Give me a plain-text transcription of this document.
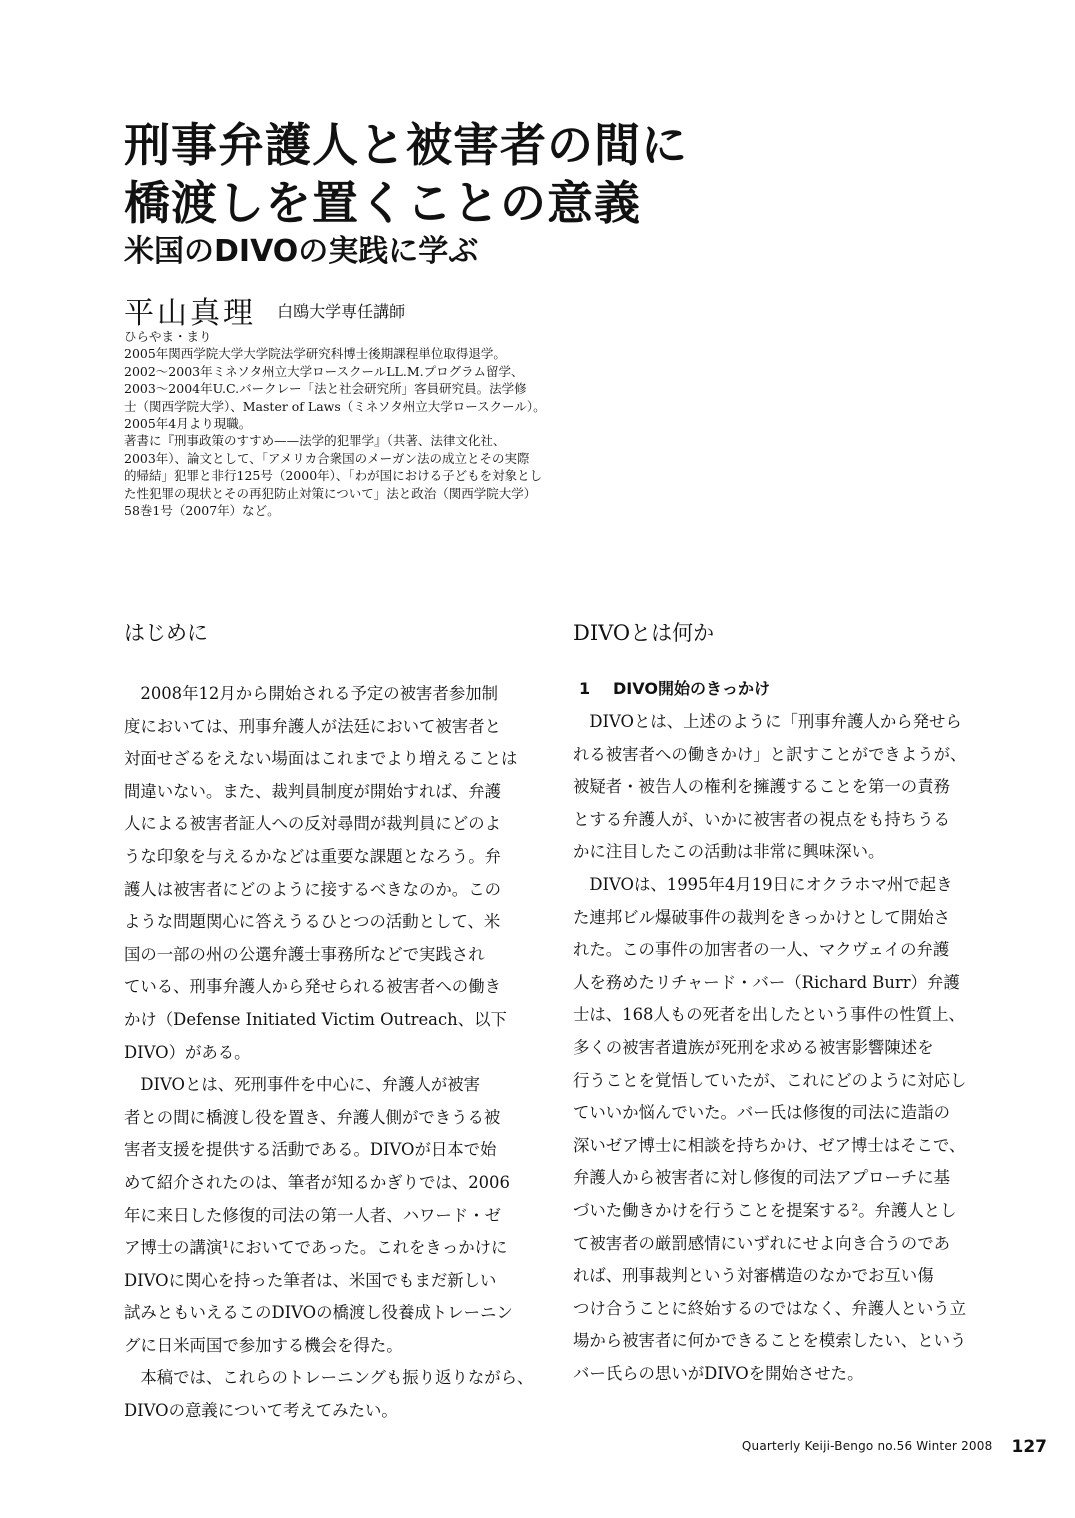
刑事弁護人と被害者の間に
橋渡しを置くことの意義
米国のDIVOの実践に学ぶ
平山真理 白鴎大学専任講師
ひらやま・まり
2005年関西学院大学大学院法学研究科博士後期課程単位取得退学。
2002〜2003年ミネソタ州立大学ロースクールLL.M.プログラム留学、
2003〜2004年U.C.バークレー「法と社会研究所」客員研究員。法学修
士（関西学院大学）、Master of Laws（ミネソタ州立大学ロースクール）。
2005年4月より現職。
著書に『刑事政策のすすめ——法学的犯罪学』（共著、法律文化社、
2003年）、論文として、「アメリカ合衆国のメーガン法の成立とその実際
的帰結」犯罪と非行125号（2000年）、「わが国における子どもを対象とし
た性犯罪の現状とその再犯防止対策について」法と政治（関西学院大学）
58巻1号（2007年）など。
はじめに
　2008年12月から開始される予定の被害者参加制
度においては、刑事弁護人が法廷において被害者と
対面せざるをえない場面はこれまでより増えることは
間違いない。また、裁判員制度が開始すれば、弁護
人による被害者証人への反対尋問が裁判員にどのよ
うな印象を与えるかなどは重要な課題となろう。弁
護人は被害者にどのように接するべきなのか。この
ような問題関心に答えうるひとつの活動として、米
国の一部の州の公選弁護士事務所などで実践され
ている、刑事弁護人から発せられる被害者への働き
かけ（Defense Initiated Victim Outreach、以下
DIVO）がある。
　DIVOとは、死刑事件を中心に、弁護人が被害
者との間に橋渡し役を置き、弁護人側ができうる被
害者支援を提供する活動である。DIVOが日本で始
めて紹介されたのは、筆者が知るかぎりでは、2006
年に来日した修復的司法の第一人者、ハワード・ゼ
ア博士の講演¹においてであった。これをきっかけに
DIVOに関心を持った筆者は、米国でもまだ新しい
試みともいえるこのDIVOの橋渡し役養成トレーニン
グに日米両国で参加する機会を得た。
　本稿では、これらのトレーニングも振り返りながら、
DIVOの意義について考えてみたい。
DIVOとは何か
1 DIVO開始のきっかけ
　DIVOとは、上述のように「刑事弁護人から発せら
れる被害者への働きかけ」と訳すことができようが、
被疑者・被告人の権利を擁護することを第一の責務
とする弁護人が、いかに被害者の視点をも持ちうる
かに注目したこの活動は非常に興味深い。
　DIVOは、1995年4月19日にオクラホマ州で起き
た連邦ビル爆破事件の裁判をきっかけとして開始さ
れた。この事件の加害者の一人、マクヴェイの弁護
人を務めたリチャード・バー（Richard Burr）弁護
士は、168人もの死者を出したという事件の性質上、
多くの被害者遺族が死刑を求める被害影響陳述を
行うことを覚悟していたが、これにどのように対応し
ていいか悩んでいた。バー氏は修復的司法に造詣の
深いゼア博士に相談を持ちかけ、ゼア博士はそこで、
弁護人から被害者に対し修復的司法アプローチに基
づいた働きかけを行うことを提案する²。弁護人とし
て被害者の厳罰感情にいずれにせよ向き合うのであ
れば、刑事裁判という対審構造のなかでお互い傷
つけ合うことに終始するのではなく、弁護人という立
場から被害者に何かできることを模索したい、という
バー氏らの思いがDIVOを開始させた。
Quarterly Keiji-Bengo no.56 Winter 2008 127
